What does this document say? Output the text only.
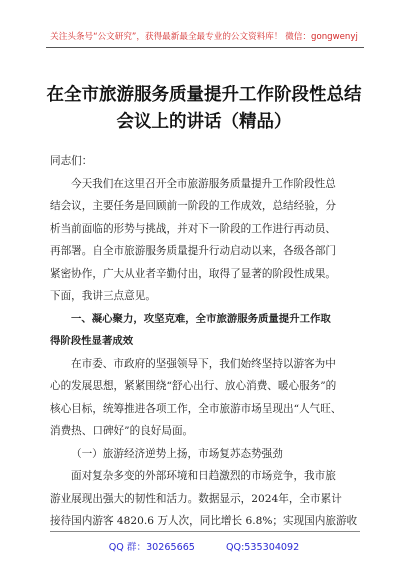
关注头条号“公文研究”，获得最新最全最专业的公文资料库！ 微信：gongwenyj
在全市旅游服务质量提升工作阶段性总结
会议上的讲话（精品）
同志们：
今天我们在这里召开全市旅游服务质量提升工作阶段性总
结会议，主要任务是回顾前一阶段的工作成效，总结经验，分
析当前面临的形势与挑战，并对下一阶段的工作进行再动员、
再部署。自全市旅游服务质量提升行动启动以来，各级各部门
紧密协作，广大从业者辛勤付出，取得了显著的阶段性成果。
下面，我讲三点意见。
一、凝心聚力，攻坚克难，全市旅游服务质量提升工作取
得阶段性显著成效
在市委、市政府的坚强领导下，我们始终坚持以游客为中
心的发展思想，紧紧围绕“舒心出行、放心消费、暖心服务”的
核心目标，统筹推进各项工作，全市旅游市场呈现出“人气旺、
消费热、口碑好”的良好局面。
（一）旅游经济逆势上扬，市场复苏态势强劲
面对复杂多变的外部环境和日趋激烈的市场竞争，我市旅
游业展现出强大的韧性和活力。数据显示，2024年，全市累计
接待国内游客 4820.6 万人次，同比增长 6.8%；实现国内旅游收
QQ 群：30265665	QQ:535304092
